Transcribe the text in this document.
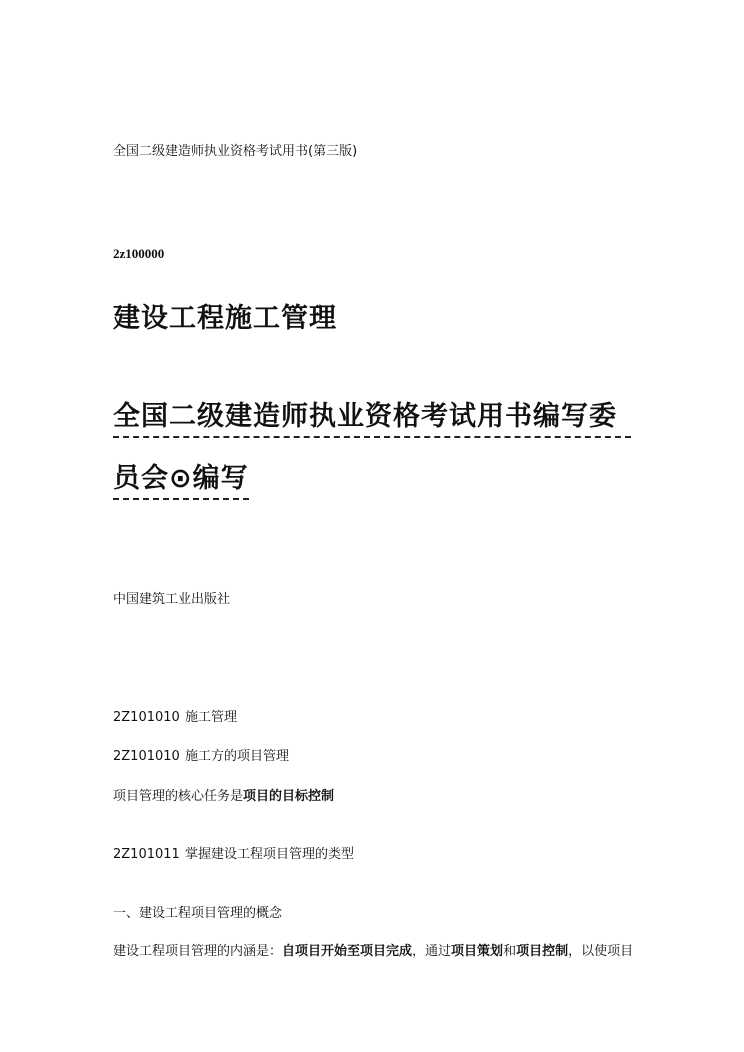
全国二级建造师执业资格考试用书(第三版)
2z100000
建设工程施工管理
全国二级建造师执业资格考试用书编写委
员会⊙编写
中国建筑工业出版社
2Z101010 施工管理
2Z101010 施工方的项目管理
项目管理的核心任务是项目的目标控制
2Z101011 掌握建设工程项目管理的类型
一、建设工程项目管理的概念
建设工程项目管理的内涵是：自项目开始至项目完成，通过项目策划和项目控制，以使项目
